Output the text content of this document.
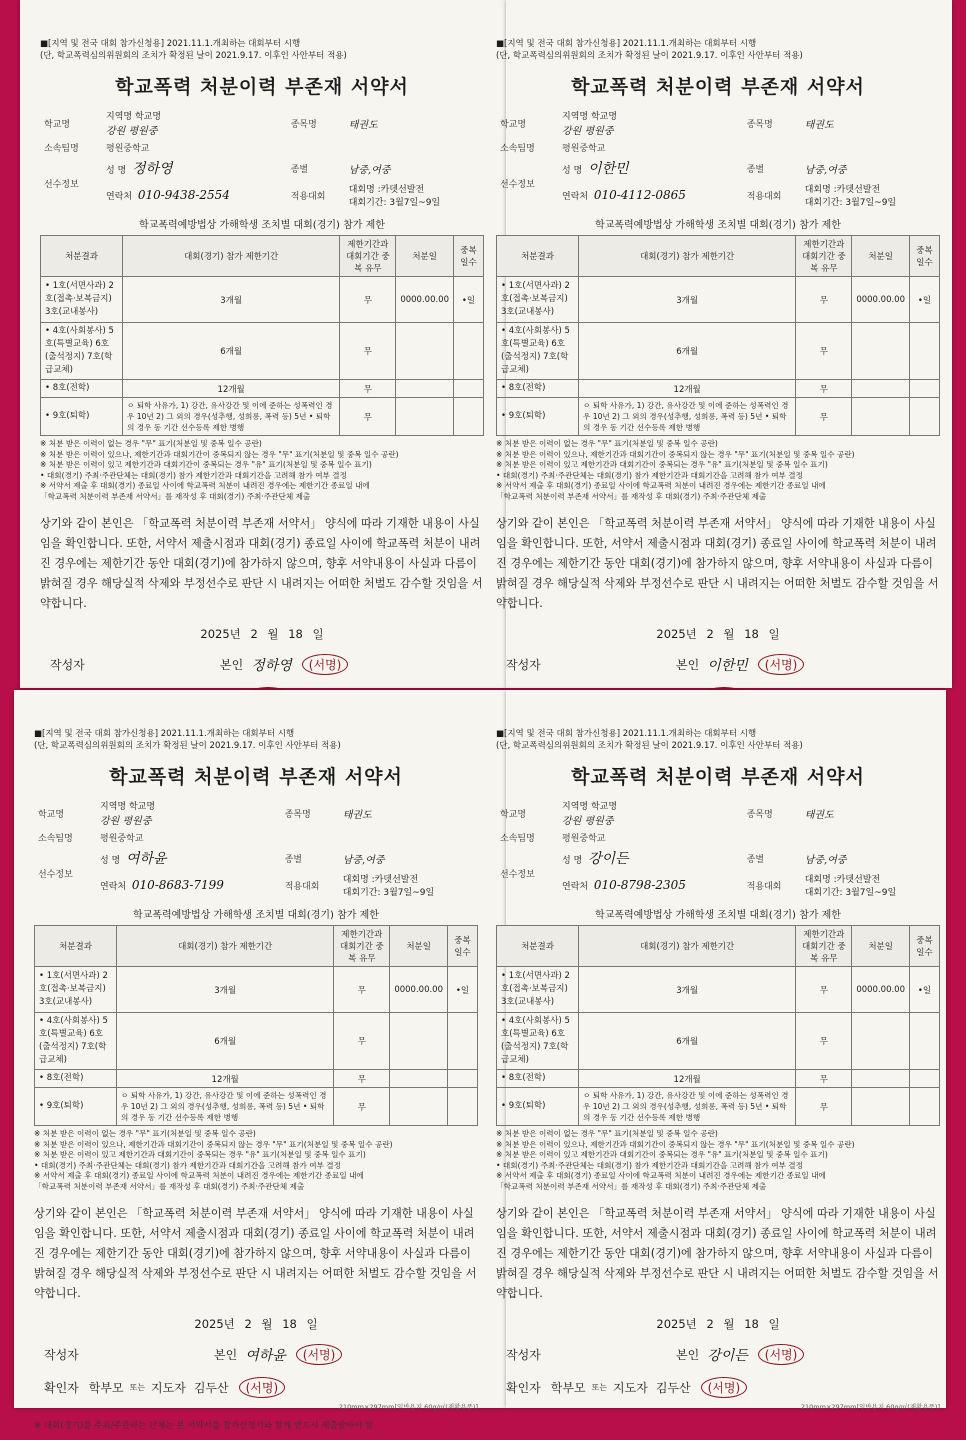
■[지역 및 전국 대회 참가신청용] 2021.11.1.개최하는 대회부터 시행
(단, 학교폭력심의위원회의 조치가 확정된 날이 2021.9.17. 이후인 사안부터 적용)
학교폭력 처분이력 부존재 서약서
학교명	지역명 학교명
강원 평원중	종목명	태권도
소속팀명	평원중학교		
선수정보	성 명 정하영	종별	남중,여중
	연락처 010-9438-2554	적용대회	대회명 :카뎃선발전
대회기간: 3월7일~9일
학교폭력예방법상 가해학생 조치별 대회(경기) 참가 제한
처분결과	대회(경기) 참가 제한기간	제한기간과 대회기간 중복 유무	처분일	중복 일수
• 1호(서면사과) 2호(접촉·보복금지) 3호(교내봉사)	3개월	무	0000.00.00	•일
• 4호(사회봉사) 5호(특별교육) 6호(출석정지) 7호(학급교체)	6개월	무		
• 8호(전학)	12개월	무		
• 9호(퇴학)	ㅇ 퇴학 사유가, 1) 강간, 유사강간 및 이에 준하는 성폭력인 경우 10년 2) 그 외의 경우(성추행, 성희롱, 폭력 등) 5년 • 퇴학의 경우 동 기간 선수등록 제한 병행	무		
※ 처분 받은 이력이 없는 경우 "무" 표기(처분일 및 중복 일수 공란)
※ 처분 받은 이력이 있으나, 제한기간과 대회기간이 중복되지 않는 경우 "무" 표기(처분일 및 중복 일수 공란)
※ 처분 받은 이력이 있고 제한기간과 대회기간이 중복되는 경우 "유" 표기(처분일 및 중복 일수 표기)
• 대회(경기) 주최·주관단체는 대회(경기) 참가 제한기간과 대회기간을 고려해 참가 여부 결정
※ 서약서 제출 후 대회(경기) 종료일 사이에 학교폭력 처분이 내려진 경우에는 제한기간 종료일 내에
「학교폭력 처분이력 부존재 서약서」를 재작성 후 대회(경기) 주최·주관단체 제출
상기와 같이 본인은 「학교폭력 처분이력 부존재 서약서」 양식에 따라 기재한 내용이 사실임을 확인합니다. 또한, 서약서 제출시점과 대회(경기) 종료일 사이에 학교폭력 처분이 내려진 경우에는 제한기간 동안 대회(경기)에 참가하지 않으며, 향후 서약내용이 사실과 다름이 밝혀질 경우 해당실적 삭제와 부정선수로 판단 시 내려지는 어떠한 처벌도 감수할 것임을 서약합니다.
2025년 2 월 18 일
작성자	본인 정하영	(서명)
■[지역 및 전국 대회 참가신청용] 2021.11.1.개최하는 대회부터 시행
(단, 학교폭력심의위원회의 조치가 확정된 날이 2021.9.17. 이후인 사안부터 적용)
학교폭력 처분이력 부존재 서약서
학교명	지역명 학교명
강원 평원중	종목명	태권도
소속팀명	평원중학교		
선수정보	성 명 이한민	종별	남중,여중
	연락처 010-4112-0865	적용대회	대회명 :카뎃선발전
대회기간: 3월7일~9일
학교폭력예방법상 가해학생 조치별 대회(경기) 참가 제한
처분결과	대회(경기) 참가 제한기간	제한기간과 대회기간 중복 유무	처분일	중복 일수
• 1호(서면사과) 2호(접촉·보복금지) 3호(교내봉사)	3개월	무	0000.00.00	•일
• 4호(사회봉사) 5호(특별교육) 6호(출석정지) 7호(학급교체)	6개월	무		
• 8호(전학)	12개월	무		
• 9호(퇴학)	ㅇ 퇴학 사유가, 1) 강간, 유사강간 및 이에 준하는 성폭력인 경우 10년 2) 그 외의 경우(성추행, 성희롱, 폭력 등) 5년 • 퇴학의 경우 동 기간 선수등록 제한 병행	무		
※ 처분 받은 이력이 없는 경우 "무" 표기(처분일 및 중복 일수 공란)
※ 처분 받은 이력이 있으나, 제한기간과 대회기간이 중복되지 않는 경우 "무" 표기(처분일 및 중복 일수 공란)
※ 처분 받은 이력이 있고 제한기간과 대회기간이 중복되는 경우 "유" 표기(처분일 및 중복 일수 표기)
• 대회(경기) 주최·주관단체는 대회(경기) 참가 제한기간과 대회기간을 고려해 참가 여부 결정
※ 서약서 제출 후 대회(경기) 종료일 사이에 학교폭력 처분이 내려진 경우에는 제한기간 종료일 내에
「학교폭력 처분이력 부존재 서약서」를 재작성 후 대회(경기) 주최·주관단체 제출
상기와 같이 본인은 「학교폭력 처분이력 부존재 서약서」 양식에 따라 기재한 내용이 사실임을 확인합니다. 또한, 서약서 제출시점과 대회(경기) 종료일 사이에 학교폭력 처분이 내려진 경우에는 제한기간 동안 대회(경기)에 참가하지 않으며, 향후 서약내용이 사실과 다름이 밝혀질 경우 해당실적 삭제와 부정선수로 판단 시 내려지는 어떠한 처벌도 감수할 것임을 서약합니다.
2025년 2 월 18 일
작성자	본인 이한민	(서명)
■[지역 및 전국 대회 참가신청용] 2021.11.1.개최하는 대회부터 시행
(단, 학교폭력심의위원회의 조치가 확정된 날이 2021.9.17. 이후인 사안부터 적용)
학교폭력 처분이력 부존재 서약서
학교명	지역명 학교명
강원 평원중	종목명	태권도
소속팀명	평원중학교		
선수정보	성 명 여하윤	종별	남중,여중
	연락처 010-8683-7199	적용대회	대회명 :카뎃선발전
대회기간: 3월7일~9일
학교폭력예방법상 가해학생 조치별 대회(경기) 참가 제한
처분결과	대회(경기) 참가 제한기간	제한기간과 대회기간 중복 유무	처분일	중복 일수
• 1호(서면사과) 2호(접촉·보복금지) 3호(교내봉사)	3개월	무	0000.00.00	•일
• 4호(사회봉사) 5호(특별교육) 6호(출석정지) 7호(학급교체)	6개월	무		
• 8호(전학)	12개월	무		
• 9호(퇴학)	ㅇ 퇴학 사유가, 1) 강간, 유사강간 및 이에 준하는 성폭력인 경우 10년 2) 그 외의 경우(성추행, 성희롱, 폭력 등) 5년 • 퇴학의 경우 동 기간 선수등록 제한 병행	무		
※ 처분 받은 이력이 없는 경우 "무" 표기(처분일 및 중복 일수 공란)
※ 처분 받은 이력이 있으나, 제한기간과 대회기간이 중복되지 않는 경우 "무" 표기(처분일 및 중복 일수 공란)
※ 처분 받은 이력이 있고 제한기간과 대회기간이 중복되는 경우 "유" 표기(처분일 및 중복 일수 표기)
• 대회(경기) 주최·주관단체는 대회(경기) 참가 제한기간과 대회기간을 고려해 참가 여부 결정
※ 서약서 제출 후 대회(경기) 종료일 사이에 학교폭력 처분이 내려진 경우에는 제한기간 종료일 내에
「학교폭력 처분이력 부존재 서약서」를 재작성 후 대회(경기) 주최·주관단체 제출
상기와 같이 본인은 「학교폭력 처분이력 부존재 서약서」 양식에 따라 기재한 내용이 사실임을 확인합니다. 또한, 서약서 제출시점과 대회(경기) 종료일 사이에 학교폭력 처분이 내려진 경우에는 제한기간 동안 대회(경기)에 참가하지 않으며, 향후 서약내용이 사실과 다름이 밝혀질 경우 해당실적 삭제와 부정선수로 판단 시 내려지는 어떠한 처벌도 감수할 것임을 서약합니다.
2025년 2 월 18 일
작성자	본인 여하윤	(서명)
확인자 학부모 또는 지도자 김두산	(서명)
210mm×297mm[일반용지 60g/㎡(재활용품)]
※ 대회(경기)를 주최/주관하는 단체는 본 서약서를 참가신청서와 함께 반드시 제출받아야 함
■[지역 및 전국 대회 참가신청용] 2021.11.1.개최하는 대회부터 시행
(단, 학교폭력심의위원회의 조치가 확정된 날이 2021.9.17. 이후인 사안부터 적용)
학교폭력 처분이력 부존재 서약서
학교명	지역명 학교명
강원 평원중	종목명	태권도
소속팀명	평원중학교		
선수정보	성 명 강이든	종별	남중,여중
	연락처 010-8798-2305	적용대회	대회명 :카뎃선발전
대회기간: 3월7일~9일
학교폭력예방법상 가해학생 조치별 대회(경기) 참가 제한
처분결과	대회(경기) 참가 제한기간	제한기간과 대회기간 중복 유무	처분일	중복 일수
• 1호(서면사과) 2호(접촉·보복금지) 3호(교내봉사)	3개월	무	0000.00.00	•일
• 4호(사회봉사) 5호(특별교육) 6호(출석정지) 7호(학급교체)	6개월	무		
• 8호(전학)	12개월	무		
• 9호(퇴학)	ㅇ 퇴학 사유가, 1) 강간, 유사강간 및 이에 준하는 성폭력인 경우 10년 2) 그 외의 경우(성추행, 성희롱, 폭력 등) 5년 • 퇴학의 경우 동 기간 선수등록 제한 병행	무		
※ 처분 받은 이력이 없는 경우 "무" 표기(처분일 및 중복 일수 공란)
※ 처분 받은 이력이 있으나, 제한기간과 대회기간이 중복되지 않는 경우 "무" 표기(처분일 및 중복 일수 공란)
※ 처분 받은 이력이 있고 제한기간과 대회기간이 중복되는 경우 "유" 표기(처분일 및 중복 일수 표기)
• 대회(경기) 주최·주관단체는 대회(경기) 참가 제한기간과 대회기간을 고려해 참가 여부 결정
※ 서약서 제출 후 대회(경기) 종료일 사이에 학교폭력 처분이 내려진 경우에는 제한기간 종료일 내에
「학교폭력 처분이력 부존재 서약서」를 재작성 후 대회(경기) 주최·주관단체 제출
상기와 같이 본인은 「학교폭력 처분이력 부존재 서약서」 양식에 따라 기재한 내용이 사실임을 확인합니다. 또한, 서약서 제출시점과 대회(경기) 종료일 사이에 학교폭력 처분이 내려진 경우에는 제한기간 동안 대회(경기)에 참가하지 않으며, 향후 서약내용이 사실과 다름이 밝혀질 경우 해당실적 삭제와 부정선수로 판단 시 내려지는 어떠한 처벌도 감수할 것임을 서약합니다.
2025년 2 월 18 일
작성자	본인 강이든	(서명)
확인자 학부모 또는 지도자 김두산	(서명)
210mm×297mm[일반용지 60g/㎡(재활용품)]
